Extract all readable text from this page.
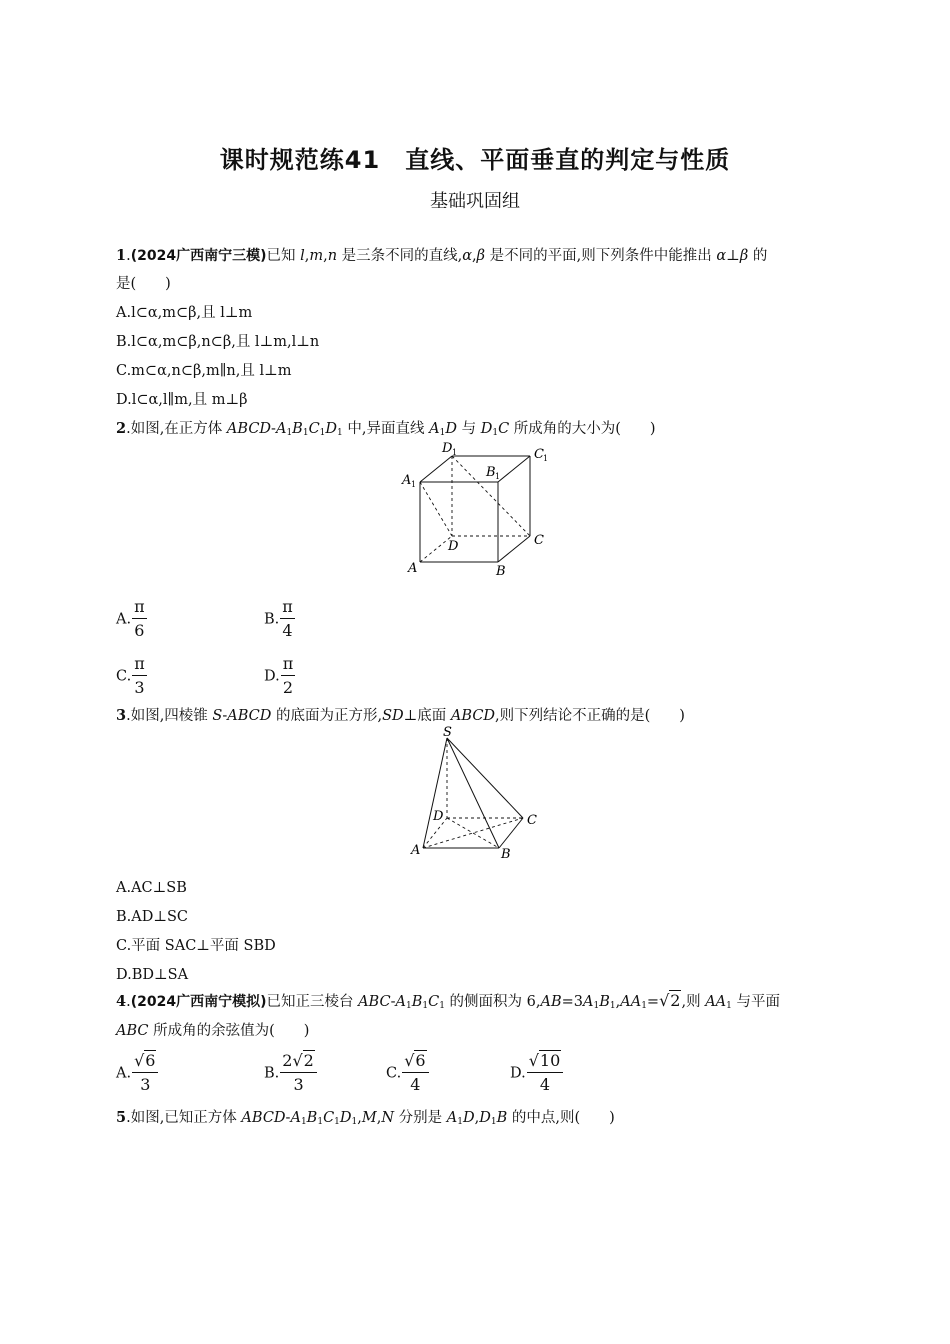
课时规范练41　直线、平面垂直的判定与性质
基础巩固组
1.(2024广西南宁三模)已知 l,m,n 是三条不同的直线,α,β 是不同的平面,则下列条件中能推出 α⊥β 的
是(　　)
A.l⊂α,m⊂β,且 l⊥m
B.l⊂α,m⊂β,n⊂β,且 l⊥m,l⊥n
C.m⊂α,n⊂β,m∥n,且 l⊥m
D.l⊂α,l∥m,且 m⊥β
2.如图,在正方体 ABCD-$A_1B_1C_1D_1$ 中,异面直线 $A_1D$ 与 $D_1C$ 所成角的大小为(　　)
D 1	C 1
A 1
B 1
D	C
A	B
A. $\frac{\pi}{6}$	B. $\frac{\pi}{4}$
C. $\frac{\pi}{3}$	D. $\frac{\pi}{2}$
3.如图,四棱锥 S-ABCD 的底面为正方形,SD⊥底面 ABCD,则下列结论不正确的是(　　)
S
D	C
A	B
A.AC⊥SB
B.AD⊥SC
C.平面 SAC⊥平面 SBD
D.BD⊥SA
4.(2024广西南宁模拟)已知正三棱台 ABC-$A_1B_1C_1$ 的侧面积为 $6,AB=3A_1B_1,AA_1=√2$,则 $AA_1$ 与平面
ABC 所成角的余弦值为(　　)
A. $\frac{√6}{3}$	B. $\frac{2√2}{3}$	C. $\frac{√6}{4}$	D. $\frac{√10}{4}$
5.如图,已知正方体 ABCD-$A_1B_1C_1D_1,M,N$ 分别是 $A_1D,D_1B$ 的中点,则(　　)
